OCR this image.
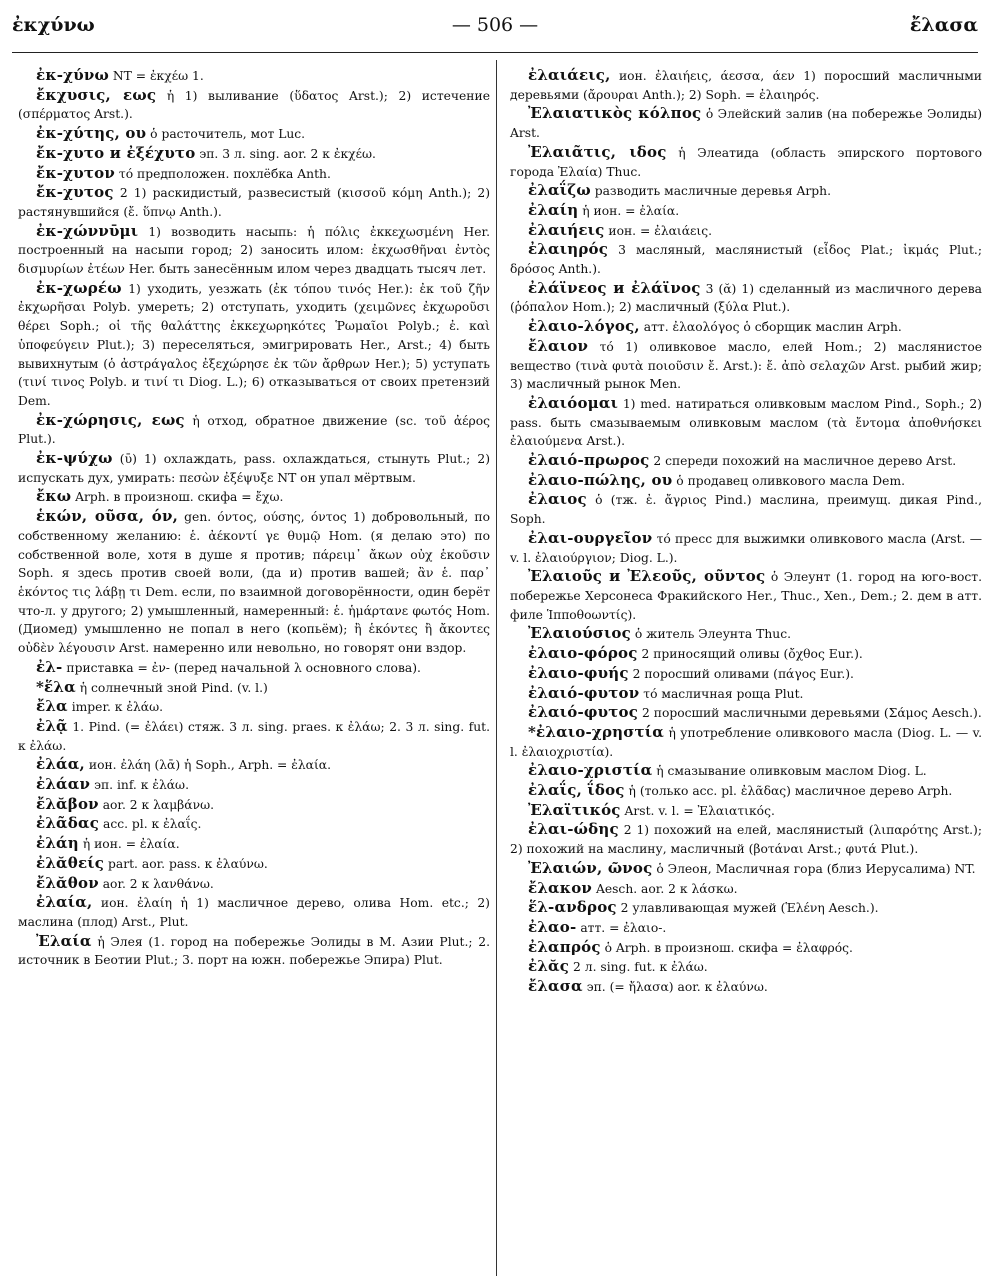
ἐκχύνω	— 506 —	ἔλασα

ἐκ-χύνω NT = ἐκχέω 1.

ἔκχυσις, εως ἡ 1) выливание (ὕδατος Arst.); 2) истечение (σπέρματος Arst.).

ἐκ-χύτης, ου ὁ расточитель, мот Luc.

ἔκ-χυτο и ἐξέχυτο эп. 3 л. sing. aor. 2 к ἐκχέω.

ἔκ-χυτον τό предположен. похлёбка Anth.

ἔκ-χυτος 2 1) раскидистый, развесистый (κισσοῦ κόμη Anth.); 2) растянувшийся (ἔ. ὕπνῳ Anth.).

ἐκ-χώννῡμι 1) возводить насыпь: ἡ πόλις ἐκκεχωσμένη Her. построенный на насыпи город; 2) заносить илом: ἐκχωσθῆναι ἐντὸς δισμυρίων ἐτέων Her. быть занесённым илом через двадцать тысяч лет.

ἐκ-χωρέω 1) уходить, уезжать (ἐκ τόπου τινός Her.): ἐκ τοῦ ζῆν ἐκχωρῆσαι Polyb. умереть; 2) отступать, уходить (χειμῶνες ἐκχωροῦσι θέρει Soph.; οἱ τῆς θαλάττης ἐκκεχωρηκότες Ῥωμαῖοι Polyb.; ἐ. καὶ ὑποφεύγειν Plut.); 3) переселяться, эмигрировать Her., Arst.; 4) быть вывихнутым (ὁ ἀστράγαλος ἐξεχώρησε ἐκ τῶν ἄρθρων Her.); 5) уступать (τινί τινος Polyb. и τινί τι Diog. L.); 6) отказываться от своих претензий Dem.

ἐκ-χώρησις, εως ἡ отход, обратное движение (sc. τοῦ ἀέρος Plut.).

ἐκ-ψύχω (ῡ) 1) охлаждать, pass. охлаждаться, стынуть Plut.; 2) испускать дух, умирать: πεσὼν ἐξέψυξε NT он упал мёртвым.

ἔκω Arph. в произнош. скифа = ἔχω.

ἑκών, οῦσα, όν, gen. όντος, ούσης, όντος 1) добровольный, по собственному желанию: ἑ. ἀέκοντί γε θυμῷ Hom. (я делаю это) по собственной воле, хотя в душе я против; πάρειμ᾽ ἄκων οὐχ ἑκοῦσιν Soph. я здесь против своей воли, (да и) против вашей; ἂν ἑ. παρ᾽ ἑκόντος τις λάβῃ τι Dem. если, по взаимной договорённости, один берёт что-л. у другого; 2) умышленный, намеренный: ἑ. ἡμάρτανε φωτός Hom. (Диомед) умышленно не попал в него (копьём); ἢ ἑκόντες ἢ ἄκοντες οὐδὲν λέγουσιν Arst. намеренно или невольно, но говорят они вздор.

ἐλ- приставка = ἐν- (перед начальной λ основного слова).

*ἕλα ἡ солнечный зной Pind. (v. l.)

ἔλα imper. к ἐλάω.

ἐλᾷ 1. Pind. (= ἐλάει) стяж. 3 л. sing. praes. к ἐλάω; 2. 3 л. sing. fut. к ἐλάω.

ἐλάα, ион. ἐλάη (λᾱ) ἡ Soph., Arph. = ἐλαία.

ἐλάαν эп. inf. к ἐλάω.

ἔλᾰβον aor. 2 к λαμβάνω.

ἐλᾶδας acc. pl. к ἐλαΐς.

ἐλάη ἡ ион. = ἐλαία.

ἐλᾰθείς part. aor. pass. к ἐλαύνω.

ἔλᾰθον aor. 2 к λανθάνω.

ἐλαία, ион. ἐλαίη ἡ 1) масличное дерево, олива Hom. etc.; 2) маслина (плод) Arst., Plut.

Ἐλαία ἡ Элея (1. город на побережье Эолиды в М. Азии Plut.; 2. источник в Беотии Plut.; 3. порт на южн. побережье Эпира) Plut.

ἐλαιάεις, ион. ἐλαιήεις, άεσσα, άεν 1) поросший масличными деревьями (ἄρουραι Anth.); 2) Soph. = ἐλαιηρός.

Ἐλαιατικὸς κόλπος ὁ Элейский залив (на побережье Эолиды) Arst.

Ἐλαιᾶτις, ιδος ἡ Элеатида (область эпирского портового города Ἐλαία) Thuc.

ἐλαΐζω разводить масличные деревья Arph.

ἐλαίη ἡ ион. = ἐλαία.

ἐλαιήεις ион. = ἐλαιάεις.

ἐλαιηρός 3 масляный, маслянистый (εἶδος Plat.; ἰκμάς Plut.; δρόσος Anth.).

ἐλάϊνεος и ἐλάϊνος 3 (ᾰ) 1) сделанный из масличного дерева (ῥόπαλον Hom.); 2) масличный (ξύλα Plut.).

ἐλαιο-λόγος, атт. ἐλαολόγος ὁ сборщик маслин Arph.

ἔλαιον τό 1) оливковое масло, елей Hom.; 2) маслянистое вещество (τινὰ φυτὰ ποιοῦσιν ἔ. Arst.): ἔ. ἀπὸ σελαχῶν Arst. рыбий жир; 3) масличный рынок Men.

ἐλαιόομαι 1) med. натираться оливковым маслом Pind., Soph.; 2) pass. быть смазываемым оливковым маслом (τὰ ἔντομα ἀποθνήσκει ἐλαιούμενα Arst.).

ἐλαιό-πρωρος 2 спереди похожий на масличное дерево Arst.

ἐλαιο-πώλης, ου ὁ продавец оливкового масла Dem.

ἐλαιος ὁ (тж. ἐ. ἄγριος Pind.) маслина, преимущ. дикая Pind., Soph.

ἐλαι-ουργεῖον τό пресс для выжимки оливкового масла (Arst. — v. l. ἐλαιούργιον; Diog. L.).

Ἐλαιοῦς и Ἐλεοῦς, οῦντος ὁ Элеунт (1. город на юго-вост. побережье Херсонеса Фракийского Her., Thuc., Xen., Dem.; 2. дем в атт. филе Ἱπποθοωντίς).

Ἐλαιούσιος ὁ житель Элеунта Thuc.

ἐλαιο-φόρος 2 приносящий оливы (ὄχθος Eur.).

ἐλαιο-φυής 2 поросший оливами (πάγος Eur.).

ἐλαιό-φυτον τό масличная роща Plut.

ἐλαιό-φυτος 2 поросший масличными деревьями (Σάμος Aesch.).

*ἐλαιο-χρηστία ἡ употребление оливкового масла (Diog. L. — v. l. ἐλαιοχριστία).

ἐλαιο-χριστία ἡ смазывание оливковым маслом Diog. L.

ἐλαΐς, ΐδος ἡ (только acc. pl. ἐλᾶδας) масличное дерево Arph.

Ἐλαϊτικός Arst. v. l. = Ἐλαιατικός.

ἐλαι-ώδης 2 1) похожий на елей, маслянистый (λιπαρότης Arst.); 2) похожий на маслину, масличный (βοτάναι Arst.; φυτά Plut.).

Ἐλαιών, ῶνος ὁ Элеон, Масличная гора (близ Иерусалима) NT.

ἔλακον Aesch. aor. 2 к λάσκω.

ἕλ-ανδρος 2 улавливающая мужей (Ἑλένη Aesch.).

ἐλαο- атт. = ἐλαιο-.

ἐλαπρός ὁ Arph. в произнош. скифа = ἐλαφρός.

ἐλᾰς 2 л. sing. fut. к ἐλάω.

ἔλασα эп. (= ἤλασα) aor. к ἐλαύνω.
